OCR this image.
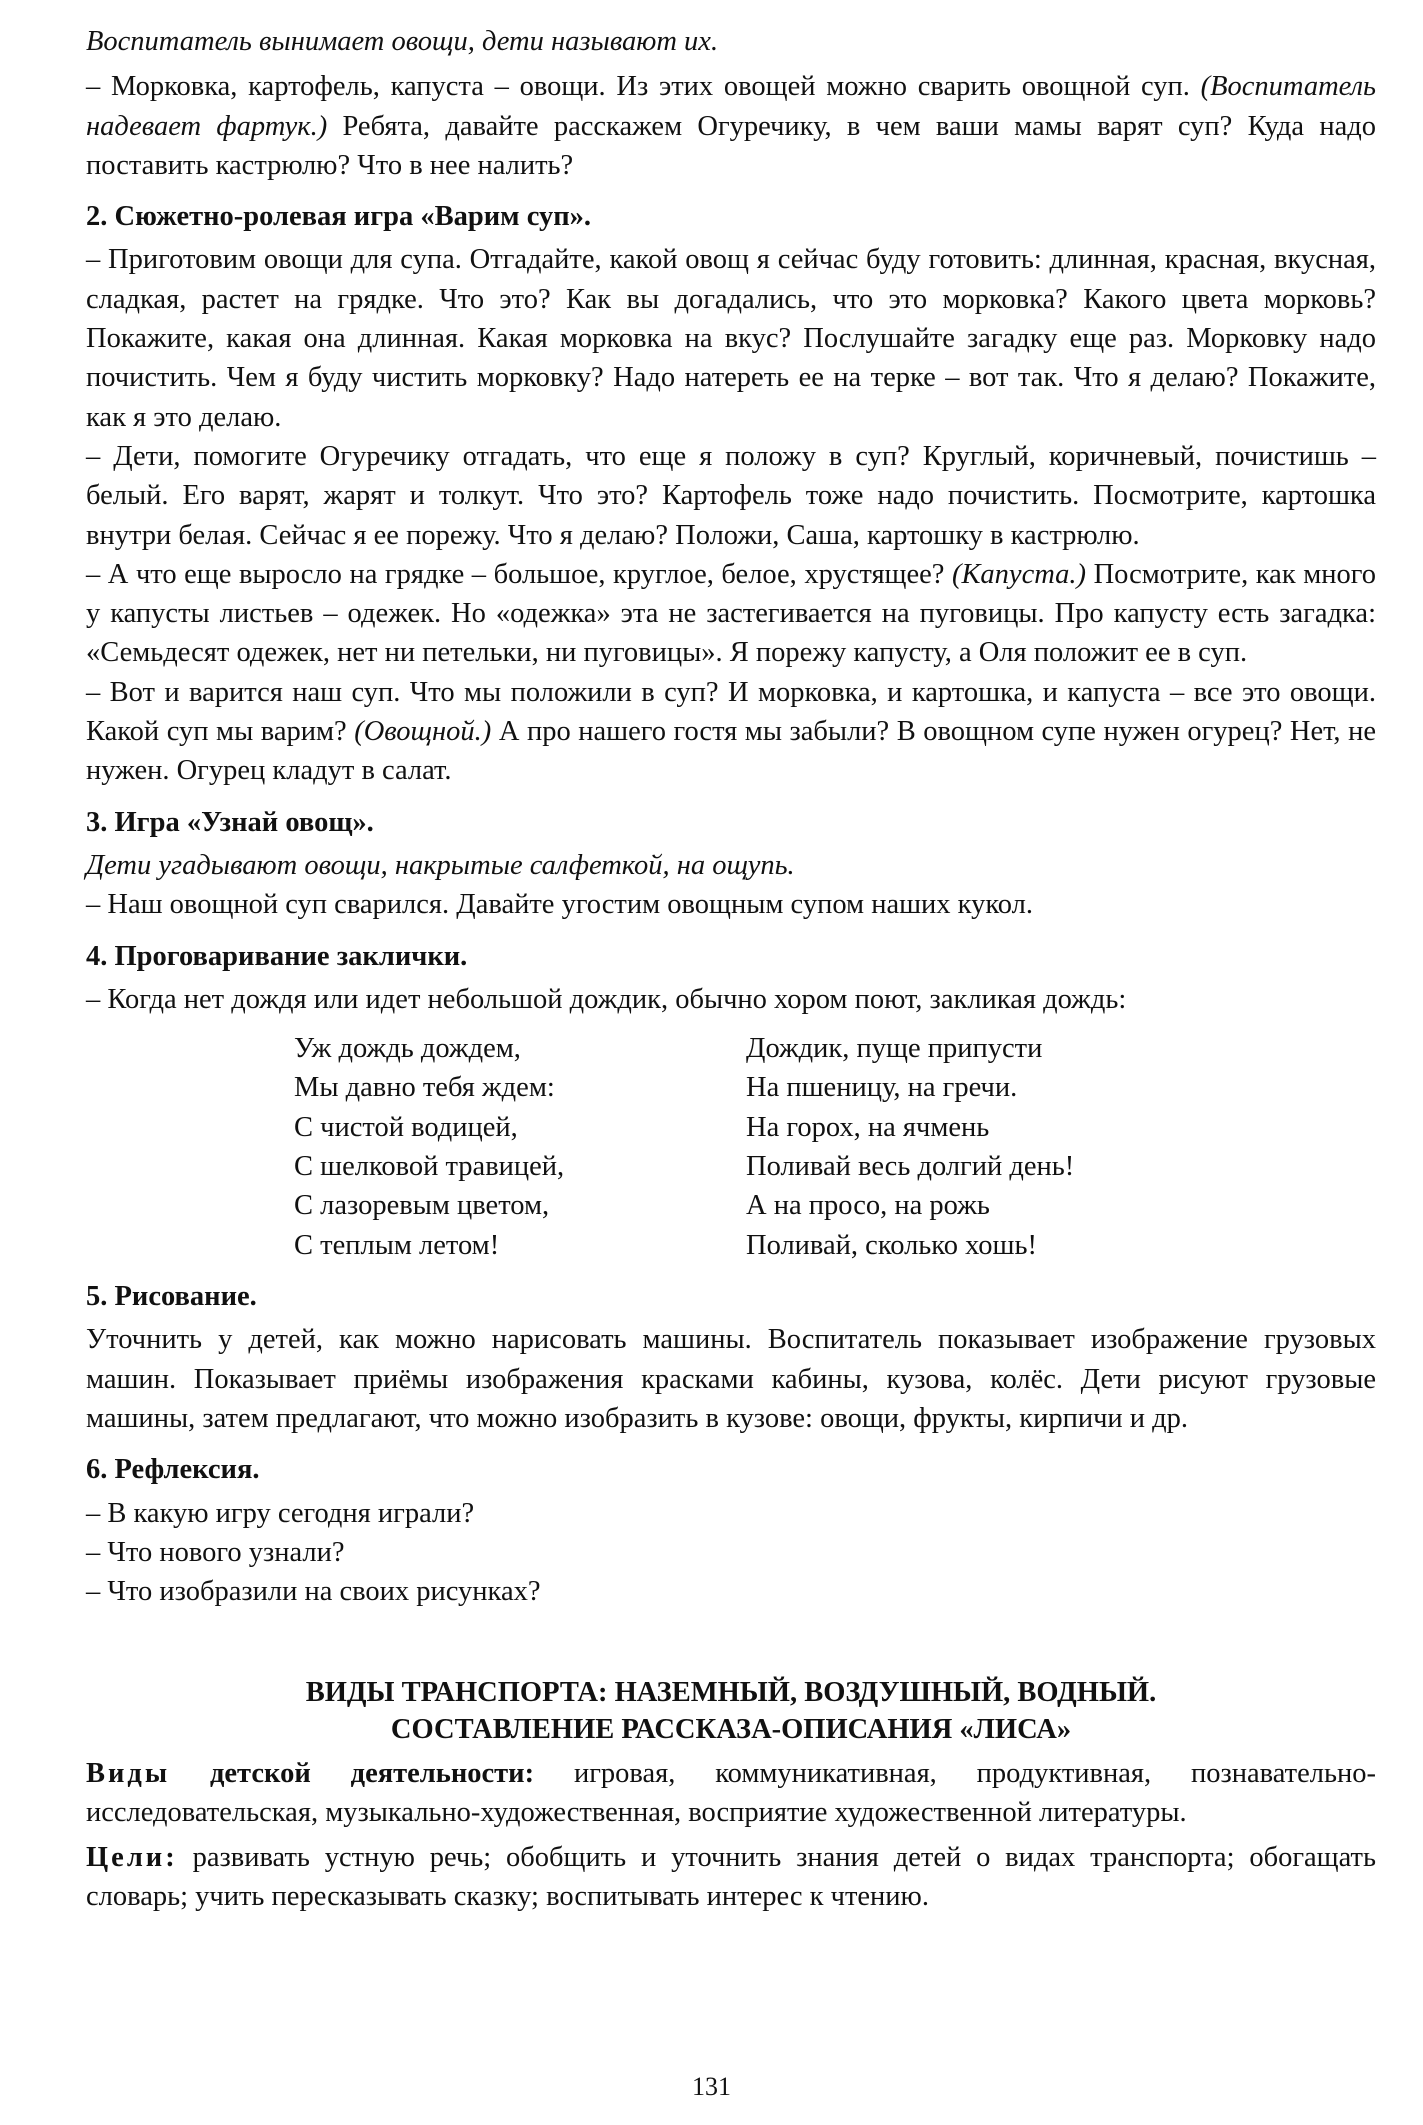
Воспитатель вынимает овощи, дети называют их.

– Морковка, картофель, капуста – овощи. Из этих овощей можно сварить овощной суп. (Воспитатель надевает фартук.) Ребята, давайте расскажем Огуречику, в чем ваши мамы варят суп? Куда надо поставить кастрюлю? Что в нее налить?

2. Сюжетно-ролевая игра «Варим суп».

– Приготовим овощи для супа. Отгадайте, какой овощ я сейчас буду готовить: длинная, красная, вкусная, сладкая, растет на грядке. Что это? Как вы догадались, что это морковка? Какого цвета морковь? Покажите, какая она длинная. Какая морковка на вкус? Послушайте загадку еще раз. Морковку надо почистить. Чем я буду чистить морковку? Надо натереть ее на терке – вот так. Что я делаю? Покажите, как я это делаю.

– Дети, помогите Огуречику отгадать, что еще я положу в суп? Круглый, коричневый, почистишь – белый. Его варят, жарят и толкут. Что это? Картофель тоже надо почистить. Посмотрите, картошка внутри белая. Сейчас я ее порежу. Что я делаю? Положи, Саша, картошку в кастрюлю.

– А что еще выросло на грядке – большое, круглое, белое, хрустящее? (Капуста.) Посмотрите, как много у капусты листьев – одежек. Но «одежка» эта не застегивается на пуговицы. Про капусту есть загадка: «Семьдесят одежек, нет ни петельки, ни пуговицы». Я порежу капусту, а Оля положит ее в суп.

– Вот и варится наш суп. Что мы положили в суп? И морковка, и картошка, и капуста – все это овощи. Какой суп мы варим? (Овощной.) А про нашего гостя мы забыли? В овощном супе нужен огурец? Нет, не нужен. Огурец кладут в салат.

3. Игра «Узнай овощ».

Дети угадывают овощи, накрытые салфеткой, на ощупь.

– Наш овощной суп сварился. Давайте угостим овощным супом наших кукол.

4. Проговаривание заклички.

– Когда нет дождя или идет небольшой дождик, обычно хором поют, закликая дождь:

Уж дождь дождем,
Мы давно тебя ждем:
С чистой водицей,
С шелковой травицей,
С лазоревым цветом,
С теплым летом!
Дождик, пуще припусти
На пшеницу, на гречи.
На горох, на ячмень
Поливай весь долгий день!
А на просо, на рожь
Поливай, сколько хошь!

5. Рисование.

Уточнить у детей, как можно нарисовать машины. Воспитатель показывает изображение грузовых машин. Показывает приёмы изображения красками кабины, кузова, колёс. Дети рисуют грузовые машины, затем предлагают, что можно изобразить в кузове: овощи, фрукты, кирпичи и др.

6. Рефлексия.

– В какую игру сегодня играли?

– Что нового узнали?

– Что изобразили на своих рисунках?

ВИДЫ ТРАНСПОРТА: НАЗЕМНЫЙ, ВОЗДУШНЫЙ, ВОДНЫЙ.
СОСТАВЛЕНИЕ РАССКАЗА-ОПИСАНИЯ «ЛИСА»

Виды детской деятельности: игровая, коммуникативная, продуктивная, познавательно-исследовательская, музыкально-художественная, восприятие художественной литературы.

Цели: развивать устную речь; обобщить и уточнить знания детей о видах транспорта; обогащать словарь; учить пересказывать сказку; воспитывать интерес к чтению.

131
